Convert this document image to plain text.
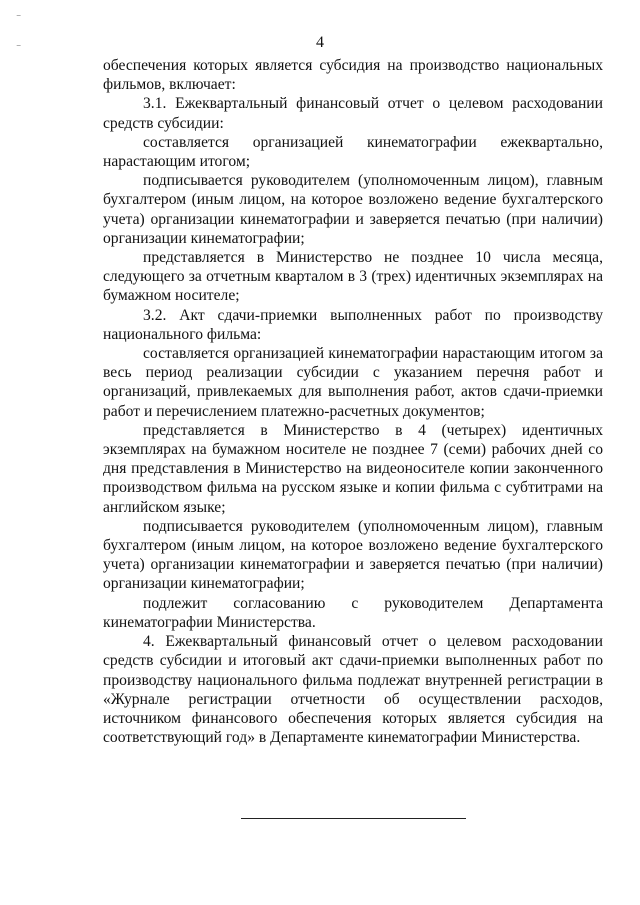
⁻
⁻	4

обеспечения которых является субсидия на производство национальных фильмов, включает:

3.1. Ежеквартальный финансовый отчет о целевом расходовании средств субсидии:

составляется организацией кинематографии ежеквартально, нарастающим итогом;

подписывается руководителем (уполномоченным лицом), главным бухгалтером (иным лицом, на которое возложено ведение бухгалтерского учета) организации кинематографии и заверяется печатью (при наличии) организации кинематографии;

представляется в Министерство не позднее 10 числа месяца, следующего за отчетным кварталом в 3 (трех) идентичных экземплярах на бумажном носителе;

3.2. Акт сдачи-приемки выполненных работ по производству национального фильма:

составляется организацией кинематографии нарастающим итогом за весь период реализации субсидии с указанием перечня работ и организаций, привлекаемых для выполнения работ, актов сдачи-приемки работ и перечислением платежно-расчетных документов;

представляется в Министерство в 4 (четырех) идентичных экземплярах на бумажном носителе не позднее 7 (семи) рабочих дней со дня представления в Министерство на видеоносителе копии законченного производством фильма на русском языке и копии фильма с субтитрами на английском языке;

подписывается руководителем (уполномоченным лицом), главным бухгалтером (иным лицом, на которое возложено ведение бухгалтерского учета) организации кинематографии и заверяется печатью (при наличии) организации кинематографии;

подлежит согласованию с руководителем Департамента кинематографии Министерства.

4. Ежеквартальный финансовый отчет о целевом расходовании средств субсидии и итоговый акт сдачи-приемки выполненных работ по производству национального фильма подлежат внутренней регистрации в «Журнале регистрации отчетности об осуществлении расходов, источником финансового обеспечения которых является субсидия на соответствующий год» в Департаменте кинематографии Министерства.
